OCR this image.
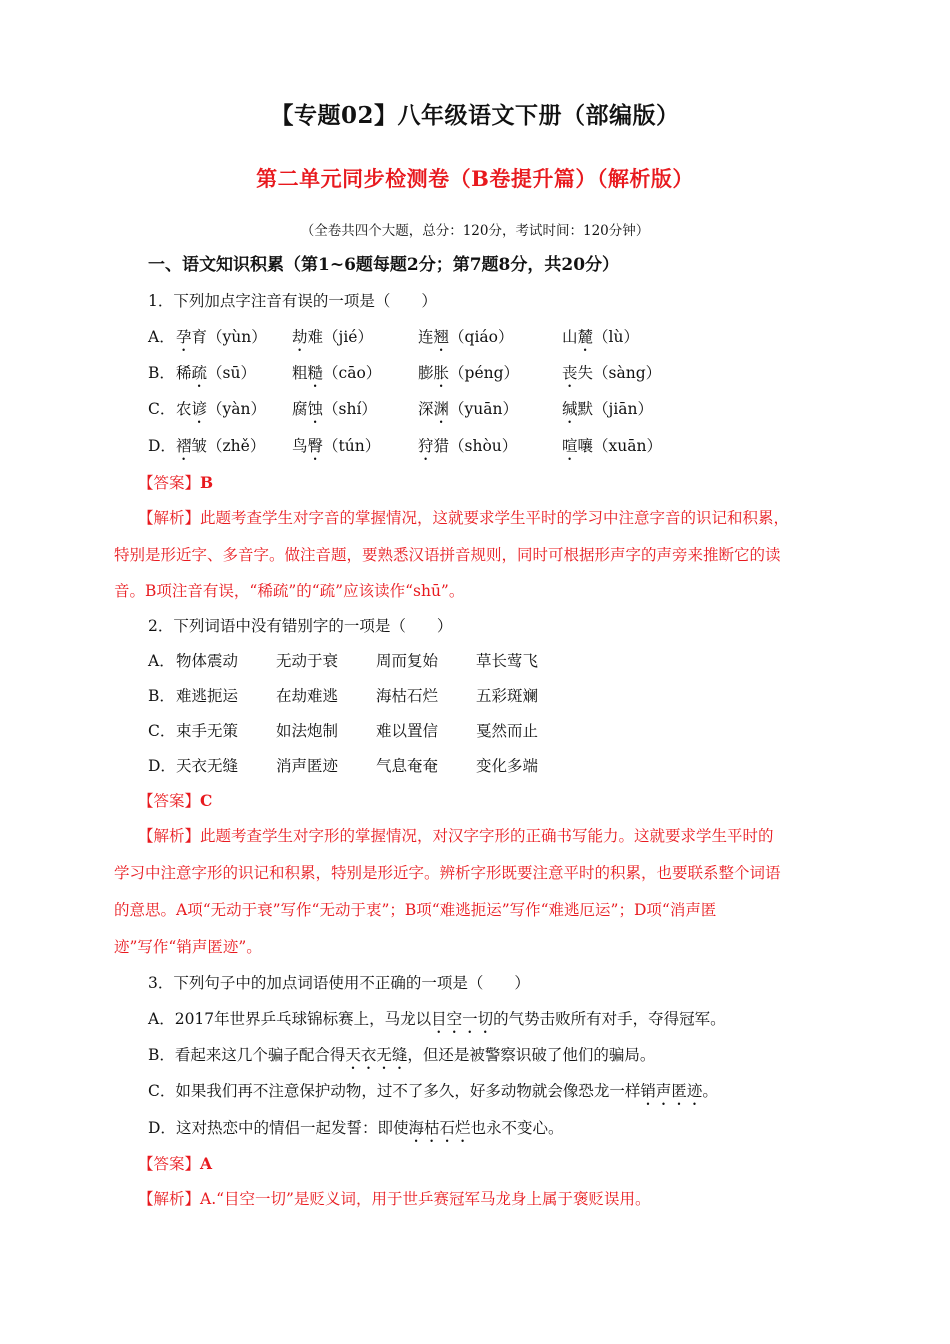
【专题02】八年级语文下册（部编版）
第二单元同步检测卷（B卷提升篇）（解析版）
（全卷共四个大题，总分：120分，考试时间：120分钟）
一、语文知识积累（第1~6题每题2分；第7题8分，共20分）
1．下列加点字注音有误的一项是（　　）
A． 孕育（yùn） 劫难（jié）	连翘（qiáo）	山麓（lù）
B． 稀疏（sū） 粗糙（cāo） 膨胀（péng）	丧失（sàng）
C． 农谚（yàn） 腐蚀（shí）	深渊（yuān）	缄默（jiān）
D． 褶皱（zhě） 鸟臀（tún） 狩猎（shòu）	喧嚷（xuān）
【答案】B
【解析】此题考查学生对字音的掌握情况，这就要求学生平时的学习中注意字音的识记和积累，
特别是形近字、多音字。做注音题，要熟悉汉语拼音规则，同时可根据形声字的声旁来推断它的读
音。B项注音有误，“稀疏”的“疏”应该读作“shū”。
2．下列词语中没有错别字的一项是（　　）
A． 物体震动 无动于衰 周而复始 草长莺飞
B． 难逃扼运 在劫难逃 海枯石烂 五彩斑斓
C． 束手无策 如法炮制 难以置信 戛然而止
D． 天衣无缝 消声匿迹 气息奄奄 变化多端
【答案】C
【解析】此题考查学生对字形的掌握情况，对汉字字形的正确书写能力。这就要求学生平时的
学习中注意字形的识记和积累，特别是形近字。辨析字形既要注意平时的积累，也要联系整个词语
的意思。A项“无动于衰”写作“无动于衷”；B项“难逃扼运”写作“难逃厄运”；D项“消声匿
迹”写作“销声匿迹”。
3．下列句子中的加点词语使用不正确的一项是（　　）
A．2017年世界乒乓球锦标赛上，马龙以目空一切的气势击败所有对手，夺得冠军。
B．看起来这几个骗子配合得天衣无缝，但还是被警察识破了他们的骗局。
C．如果我们再不注意保护动物，过不了多久，好多动物就会像恐龙一样销声匿迹。
D．这对热恋中的情侣一起发誓：即使海枯石烂也永不变心。
【答案】A
【解析】A.“目空一切”是贬义词，用于世乒赛冠军马龙身上属于褒贬误用。
